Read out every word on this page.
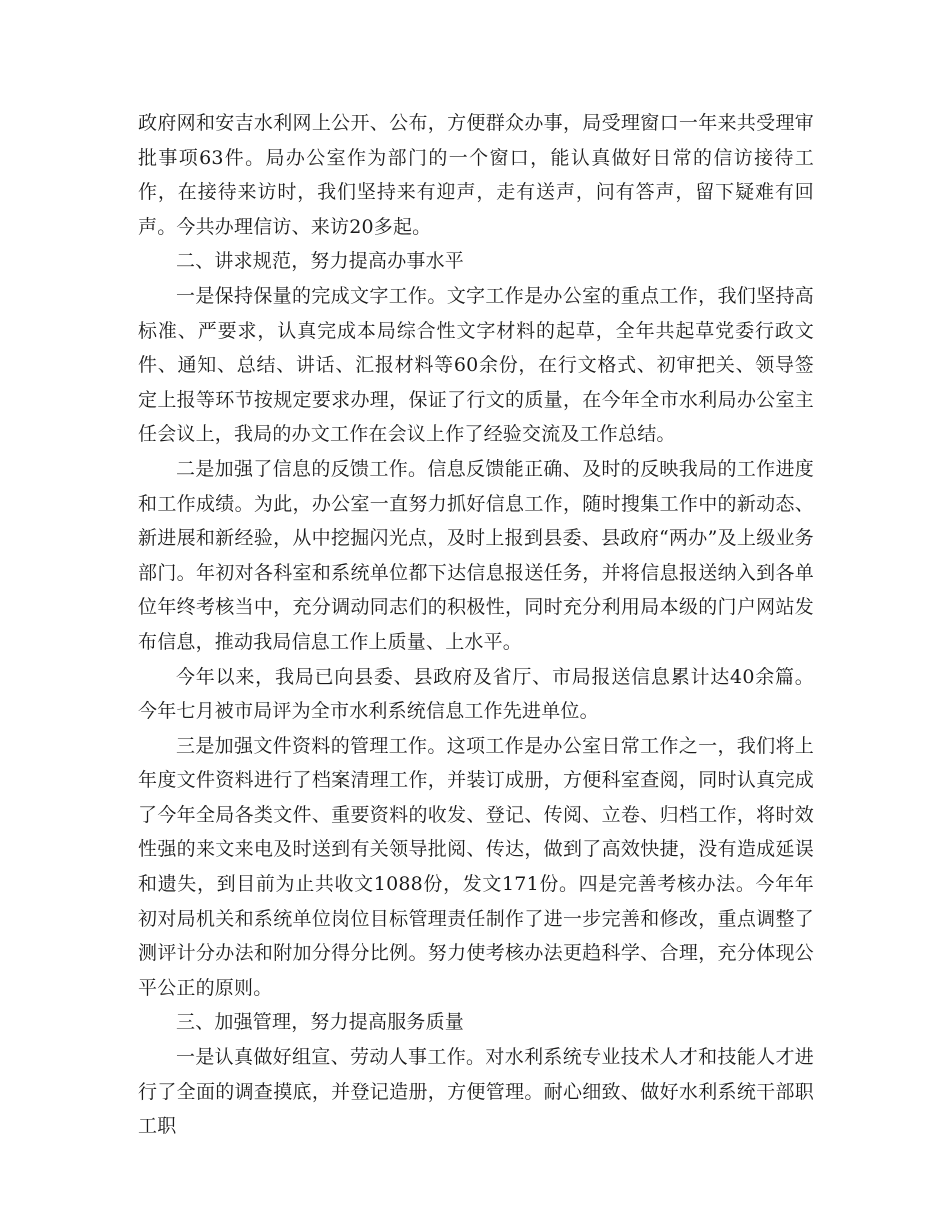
政府网和安吉水利网上公开、公布，方便群众办事，局受理窗口一年来共受理审批事项63件。局办公室作为部门的一个窗口，能认真做好日常的信访接待工作，在接待来访时，我们坚持来有迎声，走有送声，问有答声，留下疑难有回声。今共办理信访、来访20多起。

二、讲求规范，努力提高办事水平

一是保持保量的完成文字工作。文字工作是办公室的重点工作，我们坚持高标准、严要求，认真完成本局综合性文字材料的起草，全年共起草党委行政文件、通知、总结、讲话、汇报材料等60余份，在行文格式、初审把关、领导签定上报等环节按规定要求办理，保证了行文的质量，在今年全市水利局办公室主任会议上，我局的办文工作在会议上作了经验交流及工作总结。

二是加强了信息的反馈工作。信息反馈能正确、及时的反映我局的工作进度和工作成绩。为此，办公室一直努力抓好信息工作，随时搜集工作中的新动态、新进展和新经验，从中挖掘闪光点，及时上报到县委、县政府“两办”及上级业务部门。年初对各科室和系统单位都下达信息报送任务，并将信息报送纳入到各单位年终考核当中，充分调动同志们的积极性，同时充分利用局本级的门户网站发布信息，推动我局信息工作上质量、上水平。

今年以来，我局已向县委、县政府及省厅、市局报送信息累计达40余篇。今年七月被市局评为全市水利系统信息工作先进单位。

三是加强文件资料的管理工作。这项工作是办公室日常工作之一，我们将上年度文件资料进行了档案清理工作，并装订成册，方便科室查阅，同时认真完成了今年全局各类文件、重要资料的收发、登记、传阅、立卷、归档工作，将时效性强的来文来电及时送到有关领导批阅、传达，做到了高效快捷，没有造成延误和遗失，到目前为止共收文1088份，发文171份。四是完善考核办法。今年年初对局机关和系统单位岗位目标管理责任制作了进一步完善和修改，重点调整了测评计分办法和附加分得分比例。努力使考核办法更趋科学、合理，充分体现公平公正的原则。

三、加强管理，努力提高服务质量

一是认真做好组宣、劳动人事工作。对水利系统专业技术人才和技能人才进行了全面的调查摸底，并登记造册，方便管理。耐心细致、做好水利系统干部职工职
